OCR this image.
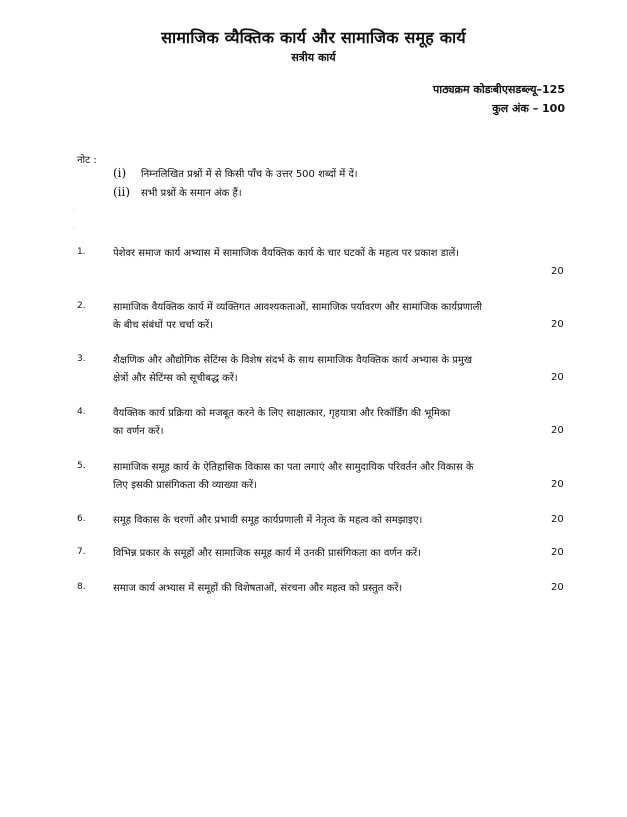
सामाजिक व्यैक्तिक कार्य और सामाजिक समूह कार्य
सत्रीय कार्य
पाठ्यक्रम कोडःबीएसडब्ल्यू–125
कुल अंक – 100
नोट :
(i) निम्नलिखित प्रश्नों में से किसी पाँच के उत्तर 500 शब्दों में दें।
(ii) सभी प्रश्नों के समान अंक हैं।
·
·
1.	पेशेवर समाज कार्य अभ्यास में सामाजिक वैयक्तिक कार्य के चार घटकों के महत्व पर प्रकाश डालें।
20
2.	सामाजिक वैयक्तिक कार्य में व्यक्तिगत आवश्यकताओं, सामाजिक पर्यावरण और सामाजिक कार्यप्रणाली
के बीच संबंधों पर चर्चा करें।	20
3.	शैक्षणिक और औद्योगिक सेटिंग्स के विशेष संदर्भ के साथ सामाजिक वैयक्तिक कार्य अभ्यास के प्रमुख
क्षेत्रों और सेटिंग्स को सूचीबद्ध करें।	20
4.	वैयक्तिक कार्य प्रक्रिया को मजबूत करने के लिए साक्षात्कार, गृहयात्रा और रिकॉर्डिंग की भूमिका
का वर्णन करें।	20
5.	सामाजिक समूह कार्य के ऐतिहासिक विकास का पता लगाएं और सामुदायिक परिवर्तन और विकास के
लिए इसकी प्रासंगिकता की व्याख्या करें।	20
6.	समूह विकास के चरणों और प्रभावी समूह कार्यप्रणाली में नेतृत्व के महत्व को समझाइए।	20
7.	विभिन्न प्रकार के समूहों और सामाजिक समूह कार्य में उनकी प्रासंगिकता का वर्णन करें।	20
8.	समाज कार्य अभ्यास में समूहों की विशेषताओं, संरचना और महत्व को प्रस्तुत करें।	20
